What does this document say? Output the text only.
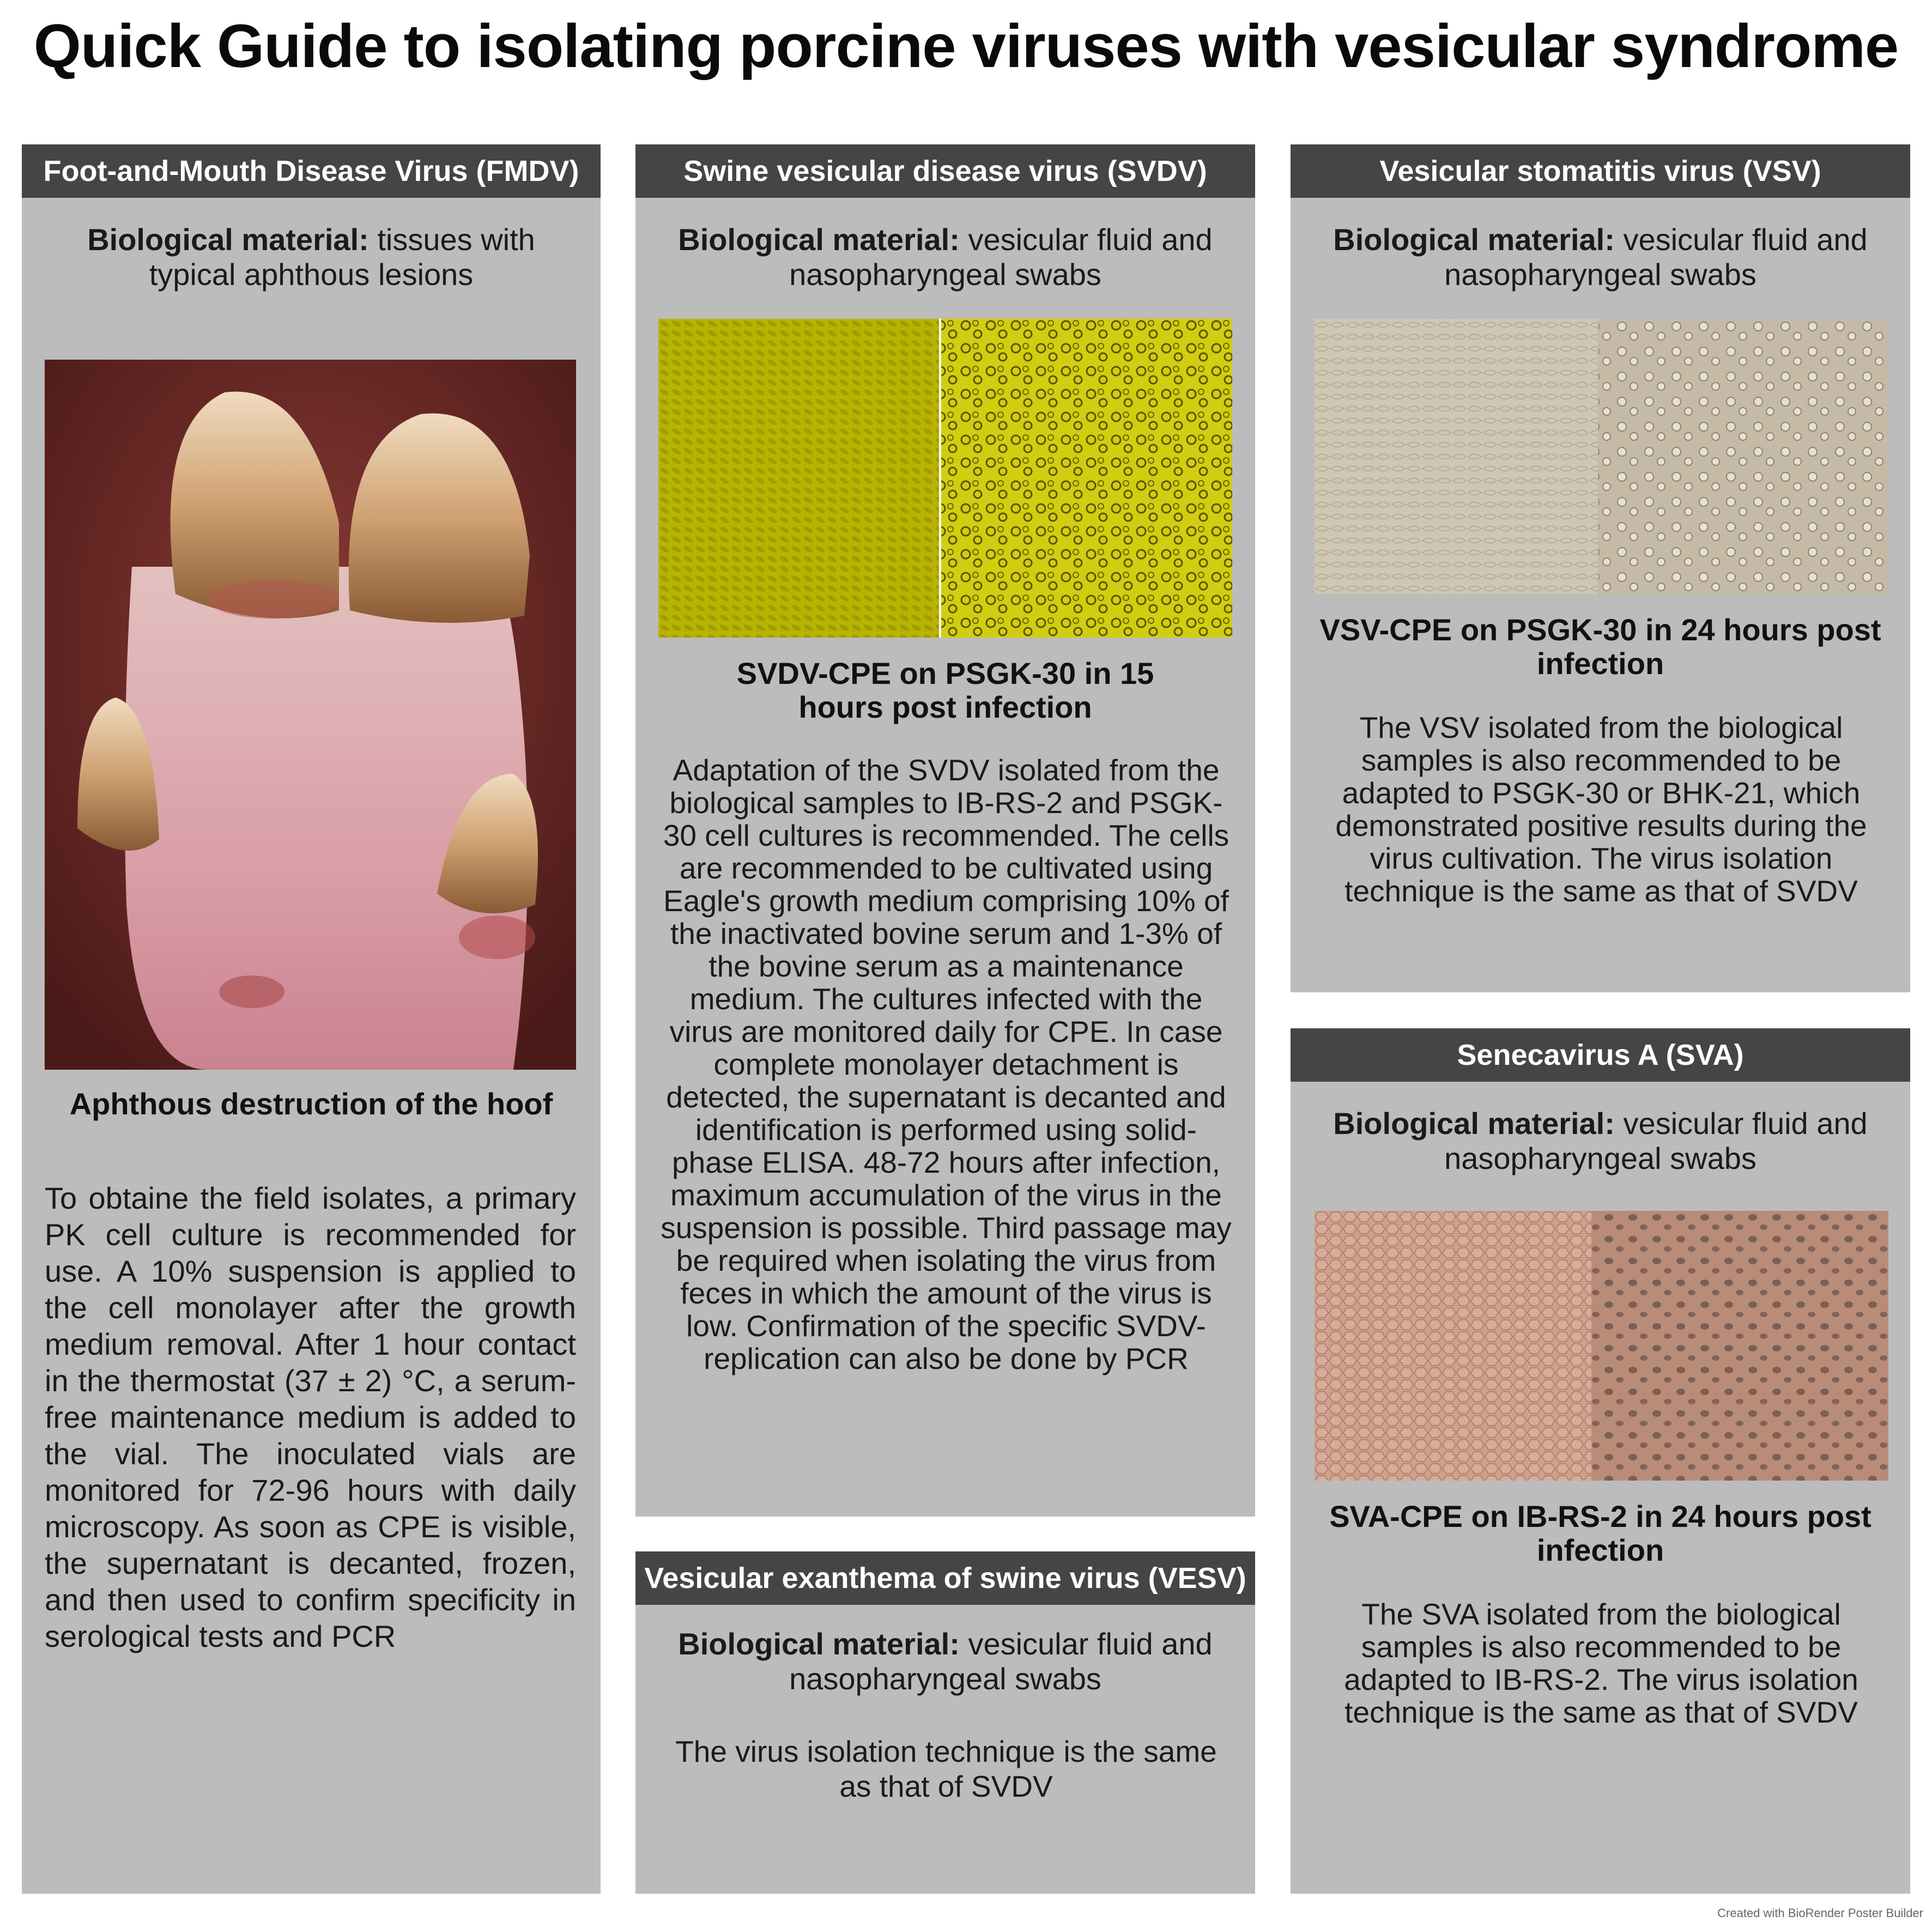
Quick Guide to isolating porcine viruses with vesicular syndrome
Foot-and-Mouth Disease Virus (FMDV)
Biological material: tissues with typical aphthous lesions
Aphthous destruction of the hoof
To obtaine the field isolates, a primary PK cell culture is recommended for use. A 10% suspension is applied to the cell monolayer after the growth medium removal. After 1 hour contact in the thermostat (37 ± 2) °C, a serum-free maintenance medium is added to the vial. The inoculated vials are monitored for 72-96 hours with daily microscopy. As soon as CPE is visible, the supernatant is decanted, frozen, and then used to confirm specificity in serological tests and PCR
Swine vesicular disease virus (SVDV)
Biological material: vesicular fluid and nasopharyngeal swabs
SVDV-CPE on PSGK-30 in 15 hours post infection
Adaptation of the SVDV isolated from the biological samples to IB-RS-2 and PSGK-30 cell cultures is recommended. The cells are recommended to be cultivated using Eagle's growth medium comprising 10% of the inactivated bovine serum and 1-3% of the bovine serum as a maintenance medium. The cultures infected with the virus are monitored daily for CPE. In case complete monolayer detachment is detected, the supernatant is decanted and identification is performed using solid-phase ELISA. 48-72 hours after infection, maximum accumulation of the virus in the suspension is possible. Third passage may be required when isolating the virus from feces in which the amount of the virus is low. Confirmation of the specific SVDV-replication can also be done by PCR
Vesicular exanthema of swine virus (VESV)
Biological material: vesicular fluid and nasopharyngeal swabs
The virus isolation technique is the same as that of SVDV
Vesicular stomatitis virus (VSV)
Biological material: vesicular fluid and nasopharyngeal swabs
VSV-CPE on PSGK-30 in 24 hours post infection
The VSV isolated from the biological samples is also recommended to be adapted to PSGK-30 or BHK-21, which demonstrated positive results during the virus cultivation. The virus isolation technique is the same as that of SVDV
Senecavirus A (SVA)
Biological material: vesicular fluid and nasopharyngeal swabs
SVA-CPE on IB-RS-2 in 24 hours post infection
The SVA isolated from the biological samples is also recommended to be adapted to IB-RS-2. The virus isolation technique is the same as that of SVDV
Created with BioRender Poster Builder
